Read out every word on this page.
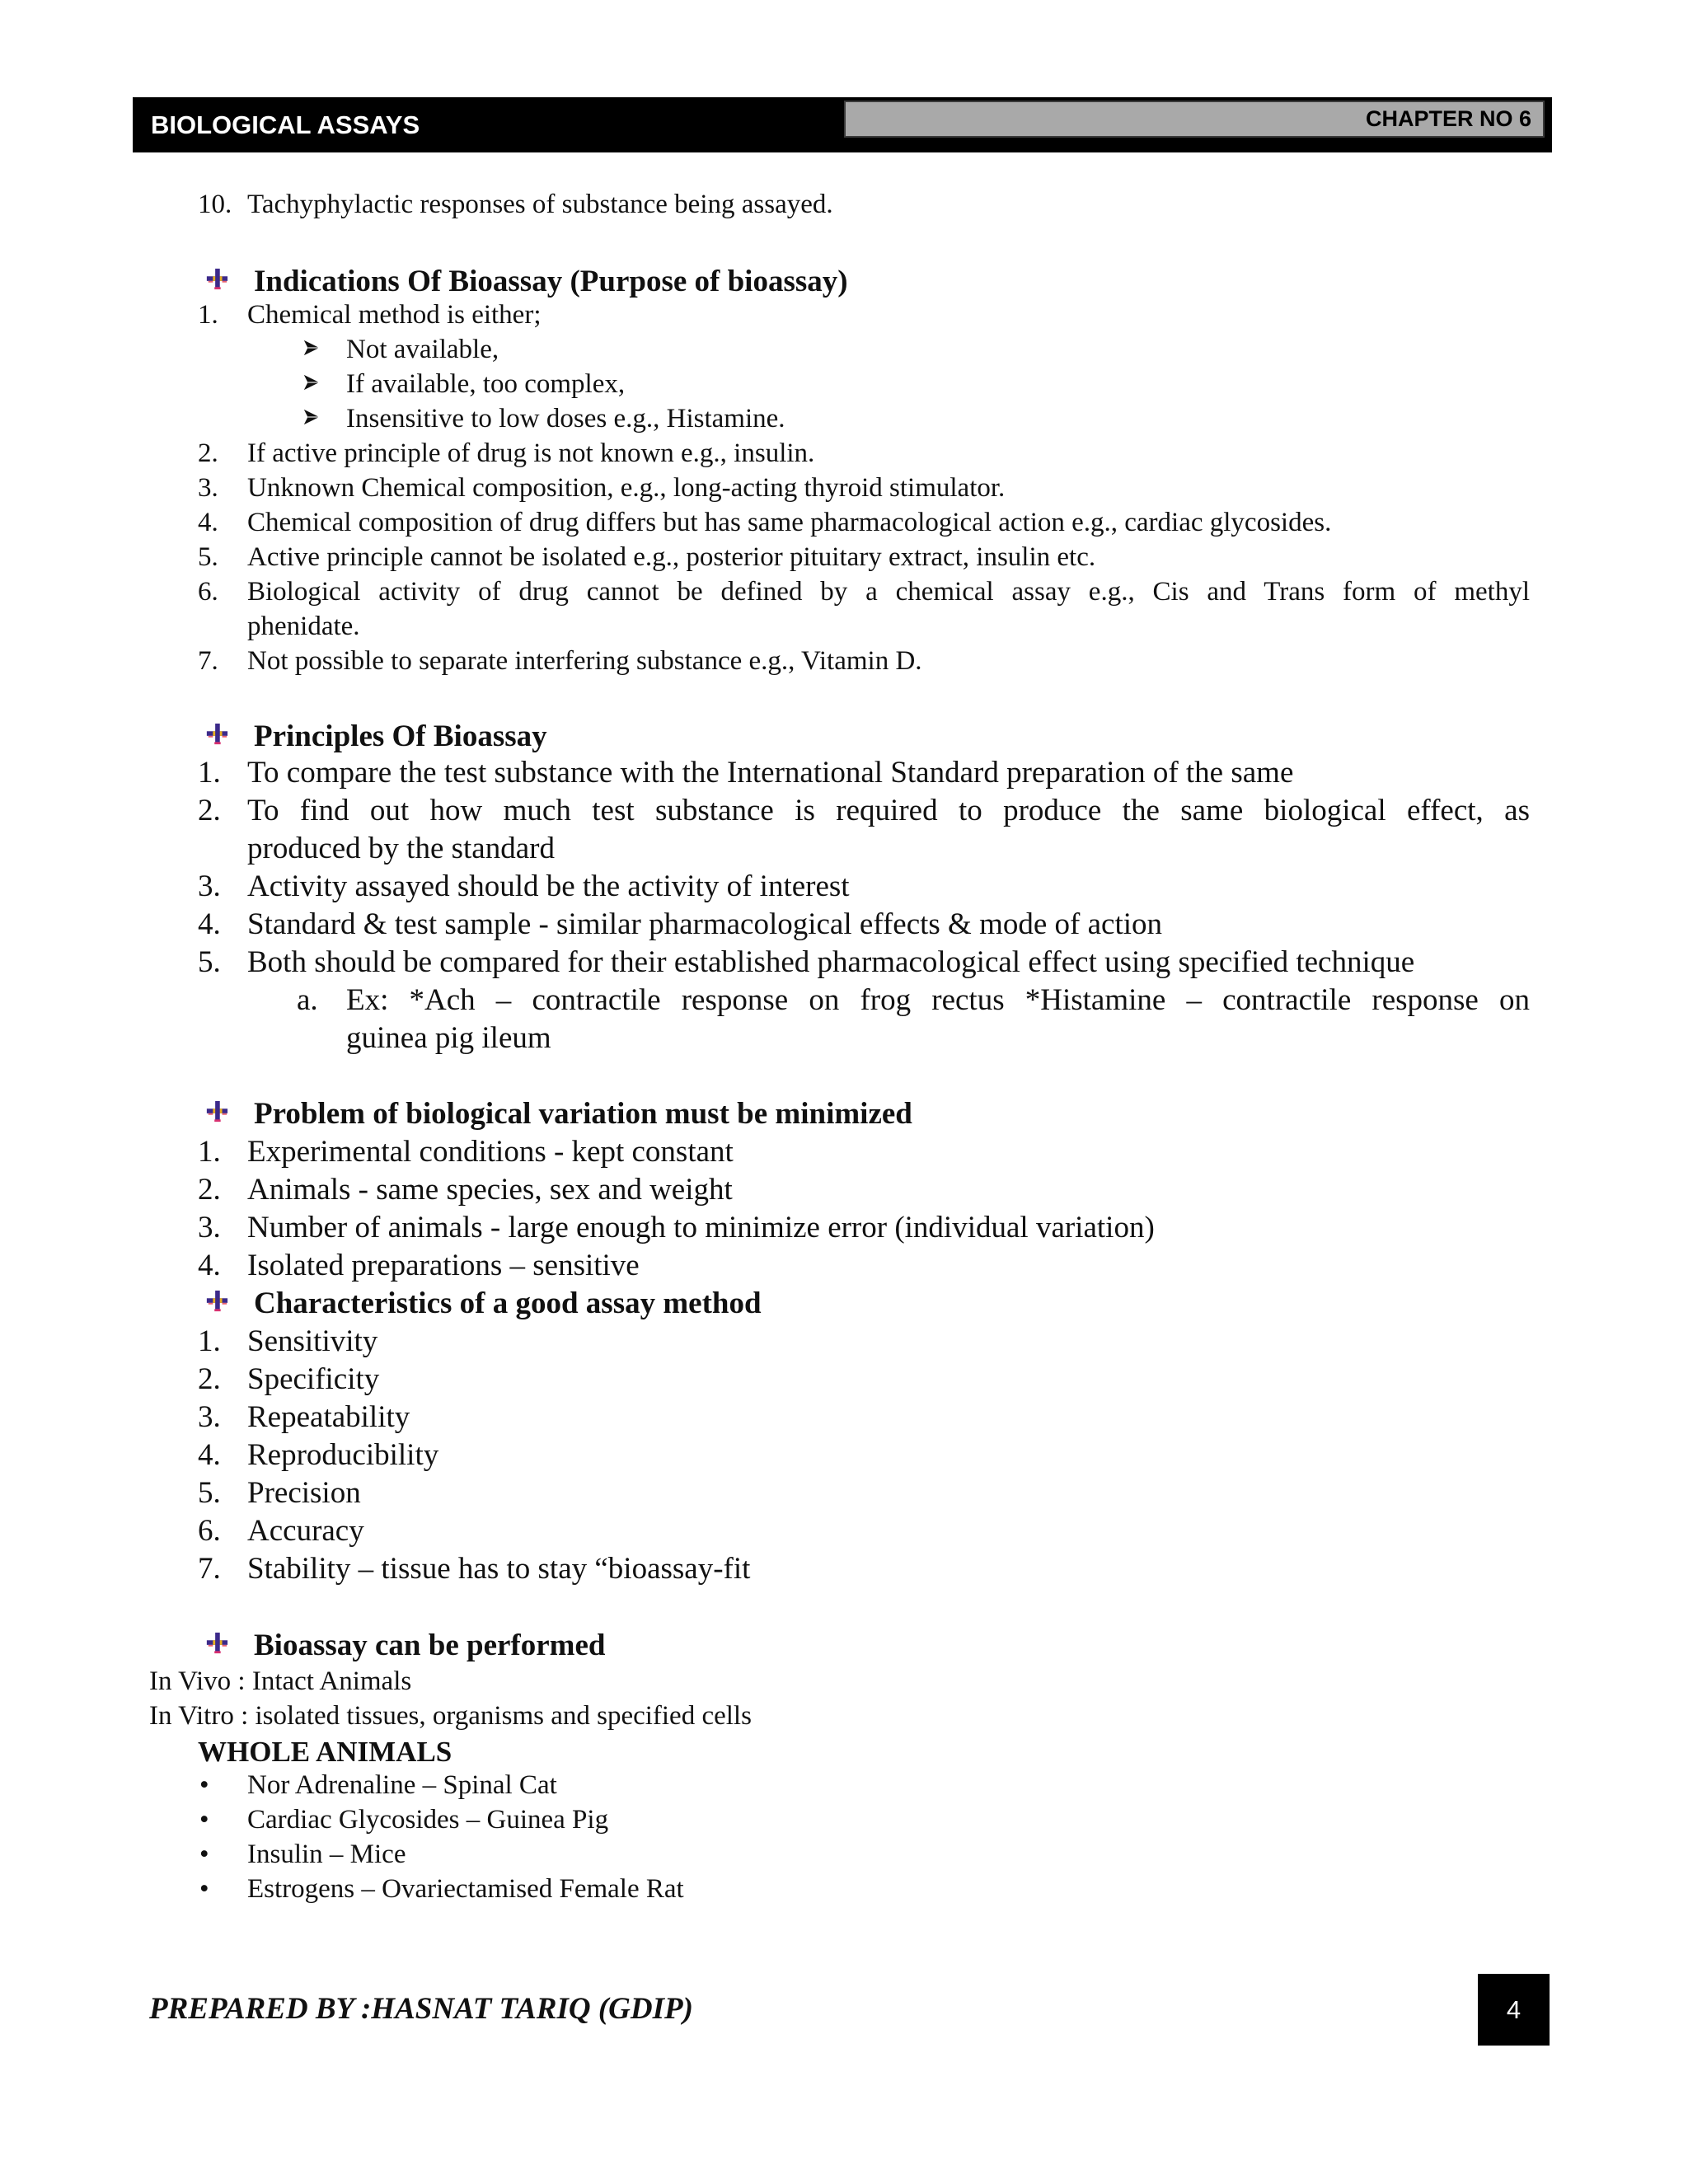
BIOLOGICAL ASSAYS	CHAPTER NO 6
10. Tachyphylactic responses of substance being assayed.
Indications Of Bioassay (Purpose of bioassay)
1. Chemical method is either;
Not available,
If available, too complex,
Insensitive to low doses e.g., Histamine.
2. If active principle of drug is not known e.g., insulin.
3. Unknown Chemical composition, e.g., long-acting thyroid stimulator.
4. Chemical composition of drug differs but has same pharmacological action e.g., cardiac glycosides.
5. Active principle cannot be isolated e.g., posterior pituitary extract, insulin etc.
6. Biological activity of drug cannot be defined by a chemical assay e.g., Cis and Trans form of methyl
phenidate.
7. Not possible to separate interfering substance e.g., Vitamin D.
Principles Of Bioassay
1. To compare the test substance with the International Standard preparation of the same
2. To find out how much test substance is required to produce the same biological effect, as
produced by the standard
3. Activity assayed should be the activity of interest
4. Standard & test sample - similar pharmacological effects & mode of action
5. Both should be compared for their established pharmacological effect using specified technique
a. Ex: *Ach – contractile response on frog rectus *Histamine – contractile response on
guinea pig ileum
Problem of biological variation must be minimized
1. Experimental conditions - kept constant
2. Animals - same species, sex and weight
3. Number of animals - large enough to minimize error (individual variation)
4. Isolated preparations – sensitive
Characteristics of a good assay method
1. Sensitivity
2. Specificity
3. Repeatability
4. Reproducibility
5. Precision
6. Accuracy
7. Stability – tissue has to stay “bioassay-fit
Bioassay can be performed
In Vivo : Intact Animals
In Vitro : isolated tissues, organisms and specified cells
WHOLE ANIMALS
• Nor Adrenaline – Spinal Cat
• Cardiac Glycosides – Guinea Pig
• Insulin – Mice
• Estrogens – Ovariectamised Female Rat
PREPARED BY :HASNAT TARIQ (GDIP)	4
